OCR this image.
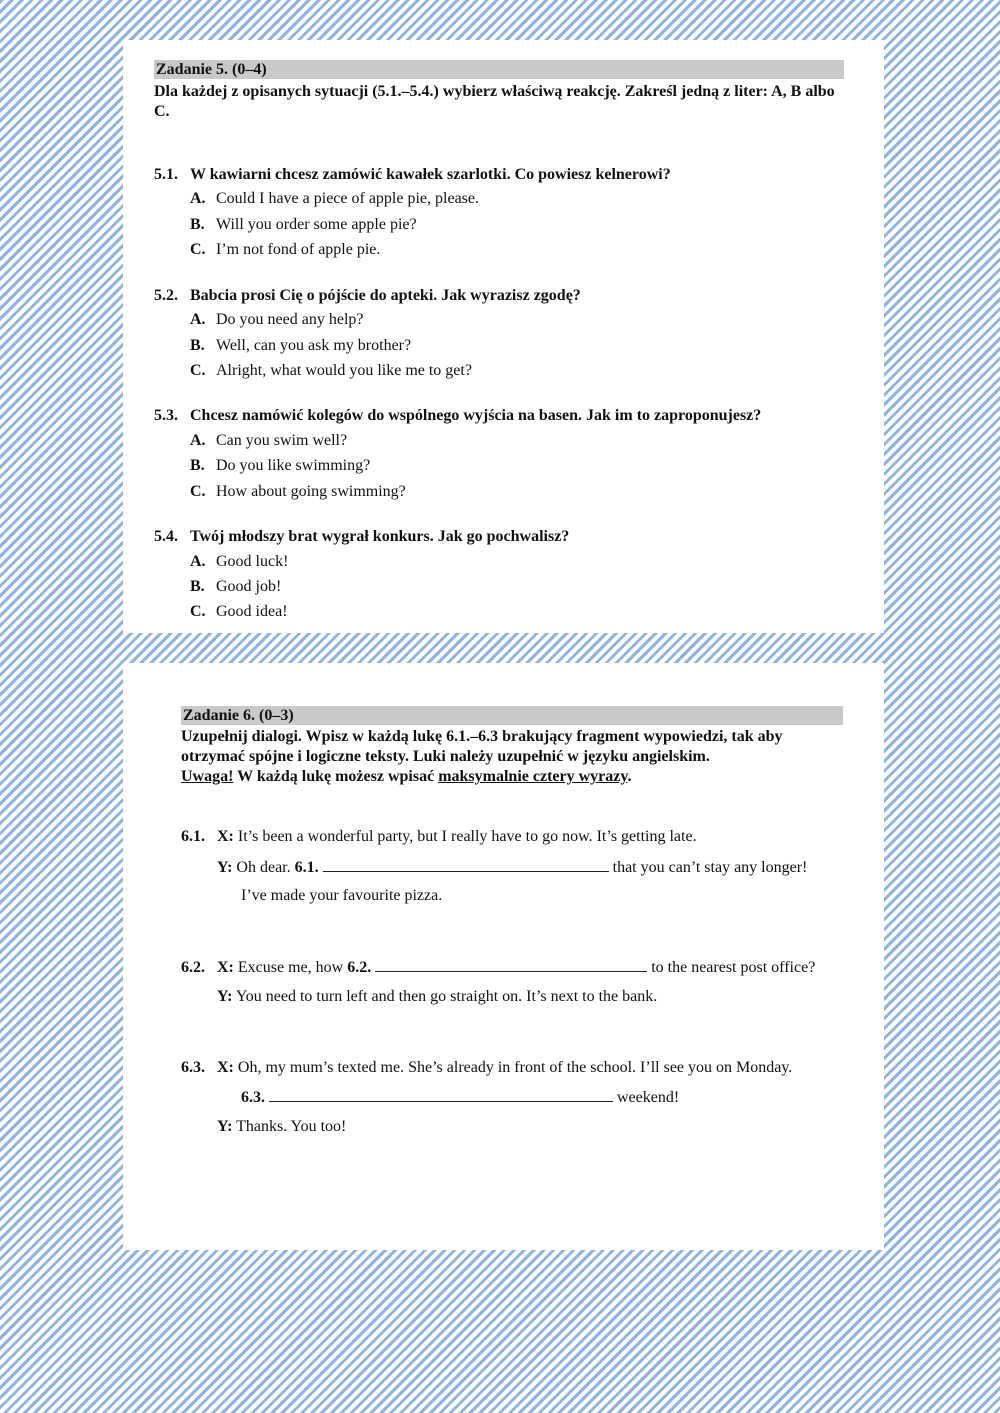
Zadanie 5. (0–4)
Dla każdej z opisanych sytuacji (5.1.–5.4.) wybierz właściwą reakcję. Zakreśl jedną z liter: A, B albo C.
5.1. W kawiarni chcesz zamówić kawałek szarlotki. Co powiesz kelnerowi?
A. Could I have a piece of apple pie, please.
B. Will you order some apple pie?
C. I’m not fond of apple pie.
5.2. Babcia prosi Cię o pójście do apteki. Jak wyrazisz zgodę?
A. Do you need any help?
B. Well, can you ask my brother?
C. Alright, what would you like me to get?
5.3. Chcesz namówić kolegów do wspólnego wyjścia na basen. Jak im to zaproponujesz?
A. Can you swim well?
B. Do you like swimming?
C. How about going swimming?
5.4. Twój młodszy brat wygrał konkurs. Jak go pochwalisz?
A. Good luck!
B. Good job!
C. Good idea!
Zadanie 6. (0–3)
Uzupełnij dialogi. Wpisz w każdą lukę 6.1.–6.3 brakujący fragment wypowiedzi, tak aby otrzymać spójne i logiczne teksty. Luki należy uzupełnić w języku angielskim.
Uwaga! W każdą lukę możesz wpisać maksymalnie cztery wyrazy.
6.1. X: It’s been a wonderful party, but I really have to go now. It’s getting late.
Y: Oh dear. 6.1.	that you can’t stay any longer!
I’ve made your favourite pizza.
6.2. X: Excuse me, how 6.2.	to the nearest post office?
Y: You need to turn left and then go straight on. It’s next to the bank.
6.3. X: Oh, my mum’s texted me. She’s already in front of the school. I’ll see you on Monday.
6.3.	weekend!
Y: Thanks. You too!
